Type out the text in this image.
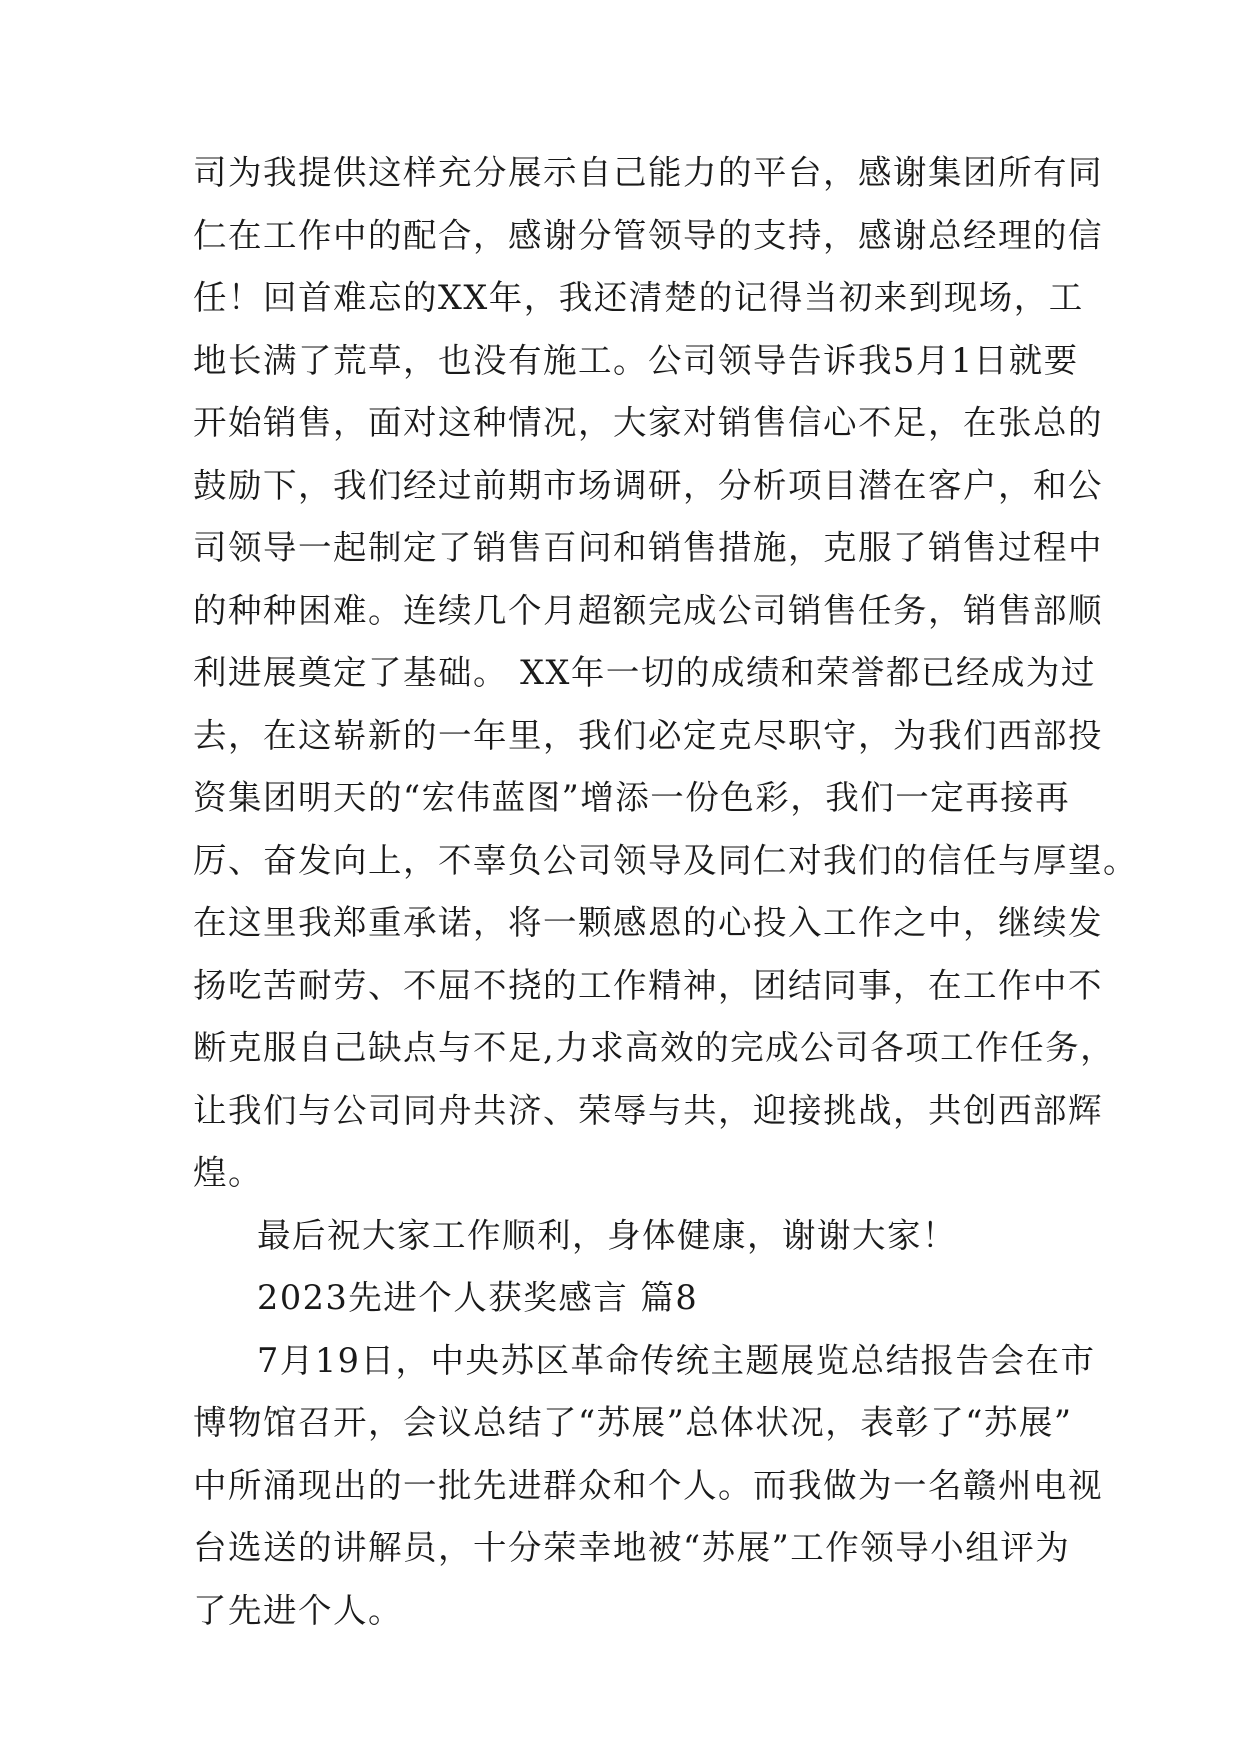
司为我提供这样充分展示自己能力的平台，感谢集团所有同
仁在工作中的配合，感谢分管领导的支持，感谢总经理的信
任！回首难忘的XX年，我还清楚的记得当初来到现场，工
地长满了荒草，也没有施工。公司领导告诉我5月1日就要
开始销售，面对这种情况，大家对销售信心不足，在张总的
鼓励下，我们经过前期市场调研，分析项目潜在客户，和公
司领导一起制定了销售百问和销售措施，克服了销售过程中
的种种困难。连续几个月超额完成公司销售任务，销售部顺
利进展奠定了基础。 XX年一切的成绩和荣誉都已经成为过
去，在这崭新的一年里，我们必定克尽职守，为我们西部投
资集团明天的“宏伟蓝图”增添一份色彩，我们一定再接再
厉、奋发向上，不辜负公司领导及同仁对我们的信任与厚望。
在这里我郑重承诺，将一颗感恩的心投入工作之中，继续发
扬吃苦耐劳、不屈不挠的工作精神，团结同事，在工作中不
断克服自己缺点与不足,力求高效的完成公司各项工作任务，
让我们与公司同舟共济、荣辱与共，迎接挑战，共创西部辉
煌。
最后祝大家工作顺利，身体健康，谢谢大家！
2023先进个人获奖感言 篇8
7月19日，中央苏区革命传统主题展览总结报告会在市
博物馆召开，会议总结了“苏展”总体状况，表彰了“苏展”
中所涌现出的一批先进群众和个人。而我做为一名赣州电视
台选送的讲解员，十分荣幸地被“苏展”工作领导小组评为
了先进个人。
